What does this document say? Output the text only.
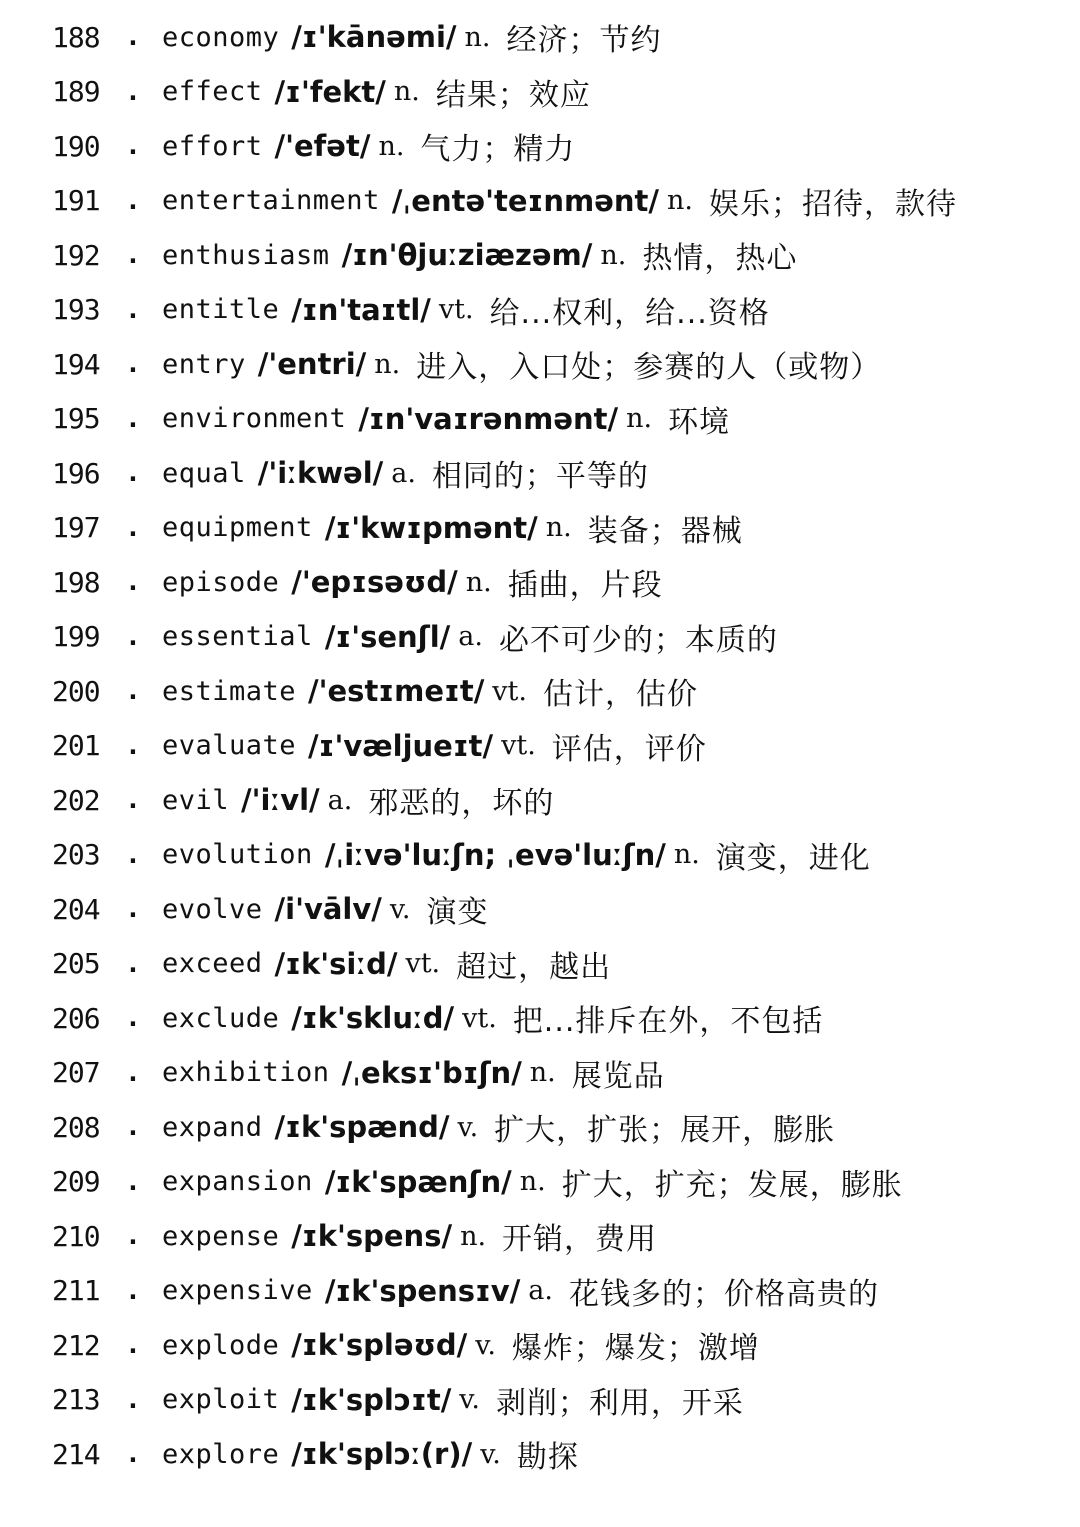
188 . economy /ɪ'kānəmi/ n. 经济；节约
189 . effect /ɪ'fekt/ n. 结果；效应
190 . effort /'efət/ n. 气力；精力
191 . entertainment /ˌentə'teɪnmənt/ n. 娱乐；招待，款待
192 . enthusiasm /ɪn'θjuːziæzəm/ n. 热情，热心
193 . entitle /ɪn'taɪtl/ vt. 给...权利，给...资格
194 . entry /'entri/ n. 进入，入口处；参赛的人（或物）
195 . environment /ɪn'vaɪrənmənt/ n. 环境
196 . equal /'iːkwəl/ a. 相同的；平等的
197 . equipment /ɪ'kwɪpmənt/ n. 装备；器械
198 . episode /'epɪsəʊd/ n. 插曲，片段
199 . essential /ɪ'senʃl/ a. 必不可少的；本质的
200 . estimate /'estɪmeɪt/ vt. 估计，估价
201 . evaluate /ɪ'væljueɪt/ vt. 评估，评价
202 . evil /'iːvl/ a. 邪恶的，坏的
203 . evolution /ˌiːvə'luːʃn; ˌevə'luːʃn/ n. 演变，进化
204 . evolve /i'vālv/ v. 演变
205 . exceed /ɪk'siːd/ vt. 超过，越出
206 . exclude /ɪk'skluːd/ vt. 把...排斥在外，不包括
207 . exhibition /ˌeksɪ'bɪʃn/ n. 展览品
208 . expand /ɪk'spænd/ v. 扩大，扩张；展开，膨胀
209 . expansion /ɪk'spænʃn/ n. 扩大，扩充；发展，膨胀
210 . expense /ɪk'spens/ n. 开销，费用
211 . expensive /ɪk'spensɪv/ a. 花钱多的；价格高贵的
212 . explode /ɪk'spləʊd/ v. 爆炸；爆发；激增
213 . exploit /ɪk'splɔɪt/ v. 剥削；利用，开采
214 . explore /ɪk'splɔː(r)/ v. 勘探
